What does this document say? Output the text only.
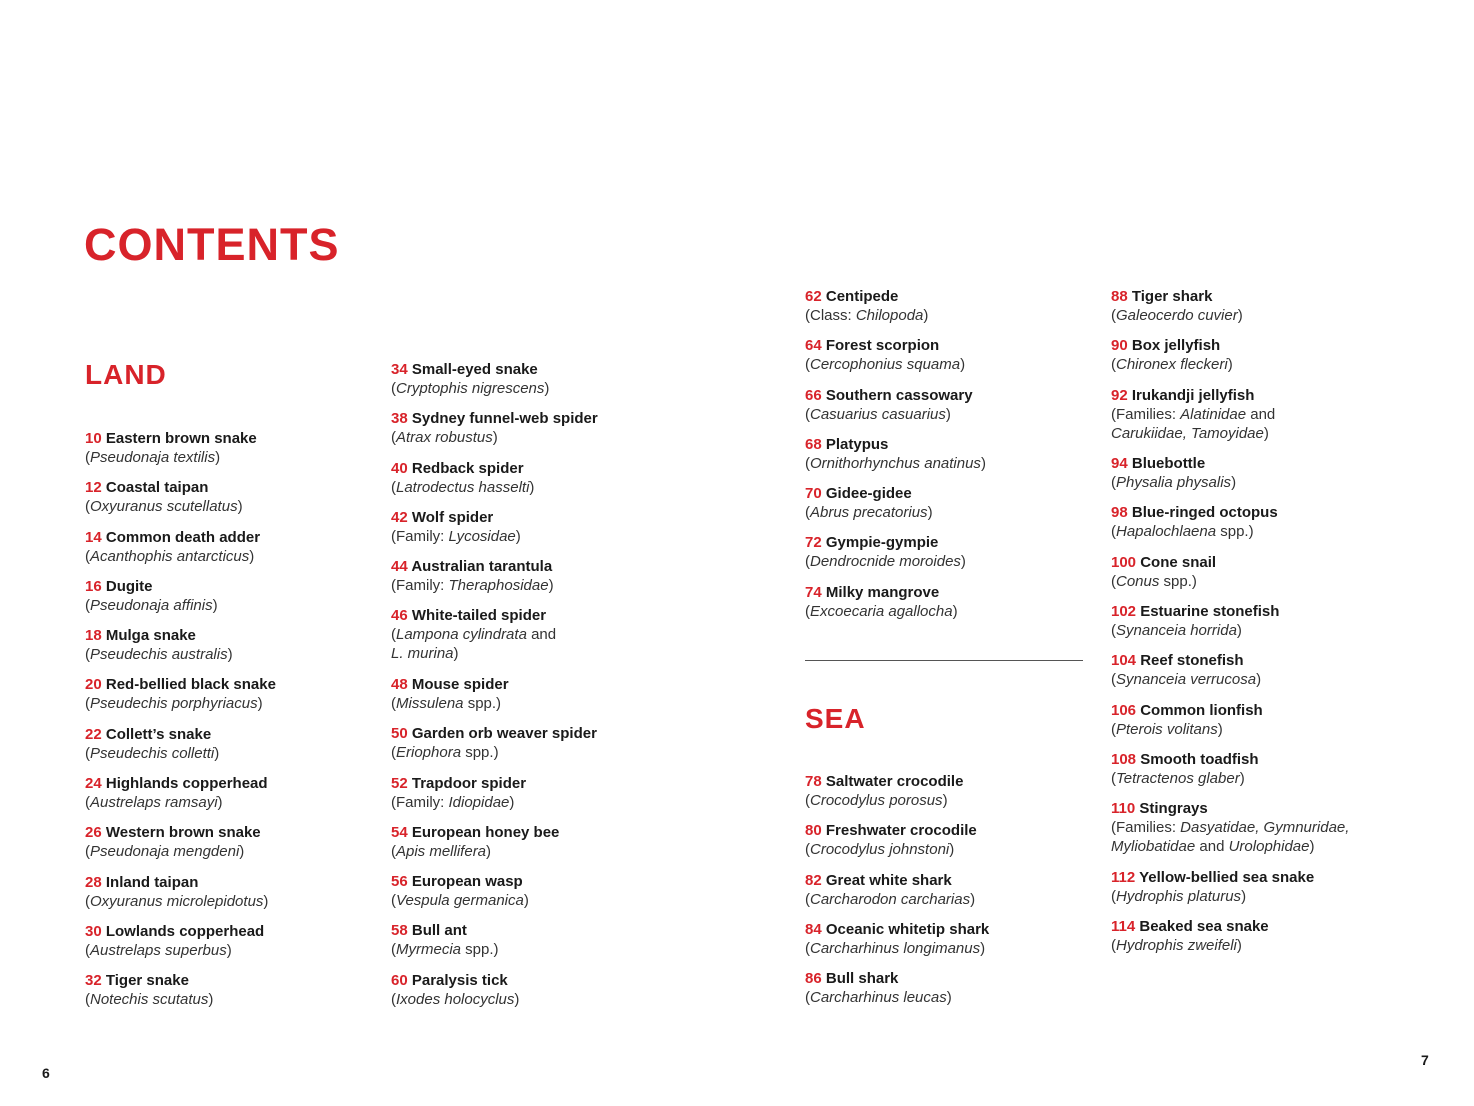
CONTENTS
LAND
10 Eastern brown snake
(Pseudonaja textilis)
12 Coastal taipan
(Oxyuranus scutellatus)
14 Common death adder
(Acanthophis antarcticus)
16 Dugite
(Pseudonaja affinis)
18 Mulga snake
(Pseudechis australis)
20 Red-bellied black snake
(Pseudechis porphyriacus)
22 Collett’s snake
(Pseudechis colletti)
24 Highlands copperhead
(Austrelaps ramsayi)
26 Western brown snake
(Pseudonaja mengdeni)
28 Inland taipan
(Oxyuranus microlepidotus)
30 Lowlands copperhead
(Austrelaps superbus)
32 Tiger snake
(Notechis scutatus)
34 Small-eyed snake
(Cryptophis nigrescens)
38 Sydney funnel-web spider
(Atrax robustus)
40 Redback spider
(Latrodectus hasselti)
42 Wolf spider
(Family: Lycosidae)
44 Australian tarantula
(Family: Theraphosidae)
46 White-tailed spider
(Lampona cylindrata and
L. murina)
48 Mouse spider
(Missulena spp.)
50 Garden orb weaver spider
(Eriophora spp.)
52 Trapdoor spider
(Family: Idiopidae)
54 European honey bee
(Apis mellifera)
56 European wasp
(Vespula germanica)
58 Bull ant
(Myrmecia spp.)
60 Paralysis tick
(Ixodes holocyclus)
62 Centipede
(Class: Chilopoda)
64 Forest scorpion
(Cercophonius squama)
66 Southern cassowary
(Casuarius casuarius)
68 Platypus
(Ornithorhynchus anatinus)
70 Gidee-gidee
(Abrus precatorius)
72 Gympie-gympie
(Dendrocnide moroides)
74 Milky mangrove
(Excoecaria agallocha)
SEA
78 Saltwater crocodile
(Crocodylus porosus)
80 Freshwater crocodile
(Crocodylus johnstoni)
82 Great white shark
(Carcharodon carcharias)
84 Oceanic whitetip shark
(Carcharhinus longimanus)
86 Bull shark
(Carcharhinus leucas)
88 Tiger shark
(Galeocerdo cuvier)
90 Box jellyfish
(Chironex fleckeri)
92 Irukandji jellyfish
(Families: Alatinidae and
Carukiidae, Tamoyidae)
94 Bluebottle
(Physalia physalis)
98 Blue-ringed octopus
(Hapalochlaena spp.)
100 Cone snail
(Conus spp.)
102 Estuarine stonefish
(Synanceia horrida)
104 Reef stonefish
(Synanceia verrucosa)
106 Common lionfish
(Pterois volitans)
108 Smooth toadfish
(Tetractenos glaber)
110 Stingrays
(Families: Dasyatidae, Gymnuridae,
Myliobatidae and Urolophidae)
112 Yellow-bellied sea snake
(Hydrophis platurus)
114 Beaked sea snake
(Hydrophis zweifeli)
6
7
